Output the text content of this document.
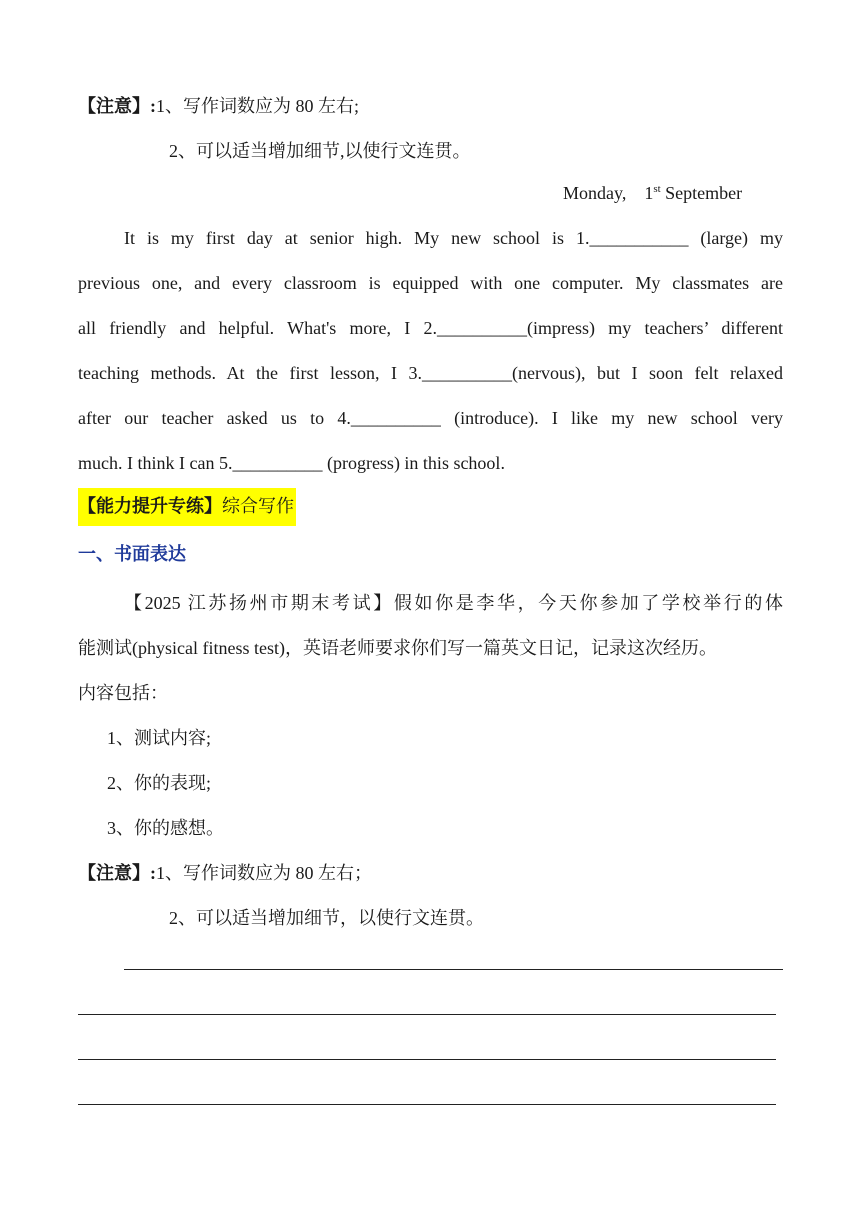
【注意】:1、写作词数应为 80 左右;
2、可以适当增加细节,以使行文连贯。
Monday,    1st September
It is my first day at senior high. My new school is 1.___________ (large) my
previous one, and every classroom is equipped with one computer. My classmates are
all friendly and helpful. What's more, I 2.__________(impress) my teachers’ different
teaching methods. At the first lesson, I 3.__________(nervous), but I soon felt relaxed
after our teacher asked us to 4.__________ (introduce). I like my new school very
much. I think I can 5.__________ (progress) in this school.
【能力提升专练】综合写作
一、书面表达
【2025 江苏扬州市期末考试】假如你是李华，今天你参加了学校举行的体
能测试(physical fitness test)，英语老师要求你们写一篇英文日记，记录这次经历。
内容包括：
1、测试内容;
2、你的表现;
3、你的感想。
【注意】:1、写作词数应为 80 左右；
2、可以适当增加细节，以使行文连贯。
